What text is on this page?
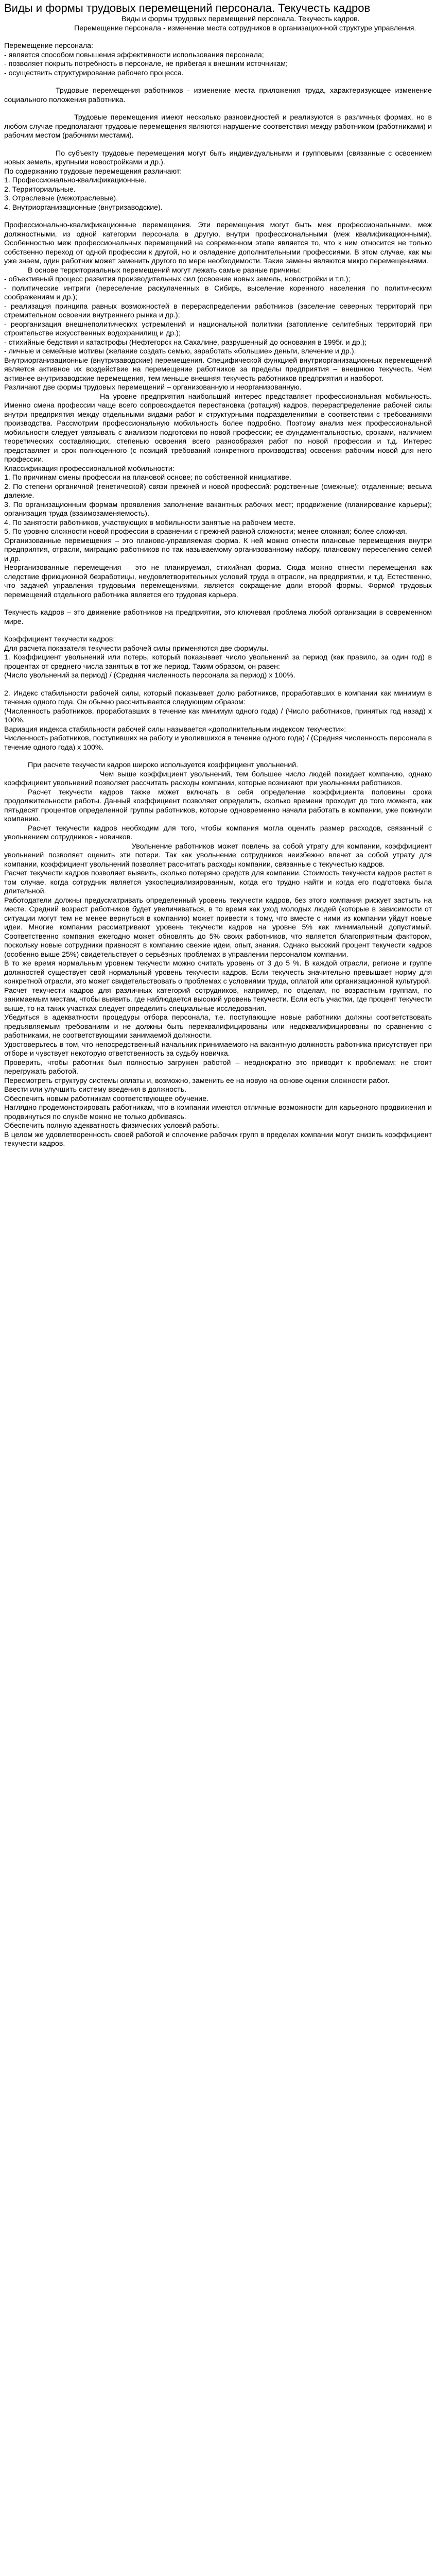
Виды и формы трудовых перемещений персонала. Текучесть кадров
Виды и формы трудовых перемещений персонала. Текучесть кадров.
Перемещение персонала - изменение места сотрудников в организационной структуре управления.
Перемещение персонала:
- является способом повышения эффективности использования персонала;
- позволяет покрыть потребность в персонале, не прибегая к внешним источникам;
- осуществить структурирование рабочего процесса.
Трудовые перемещения работников - изменение места приложения труда, характеризующее изменение социального положения работника.
Трудовые перемещения имеют несколько разновидностей и реализуются в различных формах, но в любом случае предполагают трудовые перемещения являются нарушение соответствия между работником (работниками) и рабочим местом (рабочими местами).
По субъекту трудовые перемещения могут быть индивидуальными и групповыми (связанные с освоением новых земель, крупными новостройками и др.).
По содержанию трудовые перемещения различают:
1. Профессионально-квалификационные.
2. Территориальные.
3. Отраслевые (межотраслевые).
4. Внутриорганизационные (внутризаводские).
Профессионально-квалификационные перемещения. Эти перемещения могут быть меж профессиональными, меж должностными, из одной категории персонала в другую, внутри профессиональными (меж квалификационными). Особенностью меж профессиональных перемещений на современном этапе является то, что к ним относится не только собственно переход от одной профессии к другой, но и овладение дополнительными профессиями. В этом случае, как мы уже знаем, один работник может заменить другого по мере необходимости. Такие замены являются микро перемещениями.
В основе территориальных перемещений могут лежать самые разные причины:
- объективный процесс развития производительных сил (освоение новых земель, новостройки и т.п.);
- политические интриги (переселение раскулаченных в Сибирь, выселение коренного населения по политическим соображениям и др.);
- реализация принципа равных возможностей в перераспределении работников (заселение северных территорий при стремительном освоении внутреннего рынка и др.);
- реорганизация внешнеполитических устремлений и национальной политики (затопление селитебных территорий при строительстве искусственных водохранилищ и др.);
- стихийные бедствия и катастрофы (Нефтегорск на Сахалине, разрушенный до основания в 1995г. и др.);
- личные и семейные мотивы (желание создать семью, заработать «большие» деньги, влечение и др.).
Внутриорганизационные (внутризаводские) перемещения. Специфической функцией внутриорганизационных перемещений является активное их воздействие на перемещение работников за пределы предприятия – внешнюю текучесть. Чем активнее внутризаводские перемещения, тем меньше внешняя текучесть работников предприятия и наоборот.
Различают две формы трудовых перемещений – организованную и неорганизованную.
На уровне предприятия наибольший интерес представляет профессиональная мобильность. Именно смена профессии чаще всего сопровождается перестановка (ротация) кадров, перераспределение рабочей силы внутри предприятия между отдельными видами работ и структурными подразделениями в соответствии с требованиями производства. Рассмотрим профессиональную мобильность более подробно. Поэтому анализ меж профессиональной мобильности следует увязывать с анализом подготовки по новой профессии; ее фундаментальностью, сроками, наличием теоретических составляющих, степенью освоения всего разнообразия работ по новой профессии и т.д. Интерес представляет и срок полноценного (с позиций требований конкретного производства) освоения рабочим новой для него профессии.
Классификация профессиональной мобильности:
1. По причинам смены профессии на плановой основе; по собственной инициативе.
2. По степени органичной (генетической) связи прежней и новой профессий: родственные (смежные); отдаленные; весьма далекие.
3. По организационным формам проявления заполнение вакантных рабочих мест; продвижение (планирование карьеры); организация труда (взаимозаменяемость).
4. По занятости работников, участвующих в мобильности занятые на рабочем месте.
5. По уровню сложности новой профессии в сравнении с прежней равной сложности; менее сложная; более сложная.
Организованные перемещения – это планово-управляемая форма. К ней можно отнести плановые перемещения внутри предприятия, отрасли, миграцию работников по так называемому организованному набору, плановому переселению семей и др.
Неорганизованные перемещения – это не планируемая, стихийная форма. Сюда можно отнести перемещения как следствие фрикционной безработицы, неудовлетворительных условий труда в отрасли, на предприятии, и т.д. Естественно, что задачей управления трудовыми перемещениями, является сокращение доли второй формы. Формой трудовых перемещений отдельного работника является его трудовая карьера.
Текучесть кадров – это движение работников на предприятии, это ключевая проблема любой организации в современном мире.
Коэффициент текучести кадров:
Для расчета показателя текучести рабочей силы применяются две формулы.
1. Коэффициент увольнений или потерь, который показывает число увольнений за период (как правило, за один год) в процентах от среднего числа занятых в тот же период. Таким образом, он равен:
(Число увольнений за период) / (Средняя численность персонала за период) х 100%.
2. Индекс стабильности рабочей силы, который показывает долю работников, проработавших в компании как минимум в течение одного года. Он обычно рассчитывается следующим образом:
(Численность работников, проработавших в течение как минимум одного года) / (Число работников, принятых год назад) х 100%.
Вариация индекса стабильности рабочей силы называется «дополнительным индексом текучести»:
Численность работников, поступивших на работу и уволившихся в течение одного года) / (Средняя численность персонала в течение одного года) х 100%.
При расчете текучести кадров широко используется коэффициент увольнений.
Чем выше коэффициент увольнений, тем большее число людей покидает компанию, однако коэффициент увольнений позволяет рассчитать расходы компании, которые возникают при увольнении работников.
Расчет текучести кадров также может включать в себя определение коэффициента половины срока продолжительности работы. Данный коэффициент позволяет определить, сколько времени проходит до того момента, как пятьдесят процентов определенной группы работников, которые одновременно начали работать в компании, уже покинули компанию.
Расчет текучести кадров необходим для того, чтобы компания могла оценить размер расходов, связанный с увольнением сотрудников - новичков.
Увольнение работников может повлечь за собой утрату для компании, коэффициент увольнений позволяет оценить эти потери. Так как увольнение сотрудников неизбежно влечет за собой утрату для компании, коэффициент увольнений позволяет рассчитать расходы компании, связанные с текучестью кадров.
Расчет текучести кадров позволяет выявить, сколько потеряно средств для компании. Стоимость текучести кадров растет в том случае, когда сотрудник является узкоспециализированным, когда его трудно найти и когда его подготовка была длительной.
Работодатели должны предусматривать определенный уровень текучести кадров, без этого компания рискует застыть на месте. Средний возраст работников будет увеличиваться, в то время как уход молодых людей (которые в зависимости от ситуации могут тем не менее вернуться в компанию) может привести к тому, что вместе с ними из компании уйдут новые идеи. Многие компании рассматривают уровень текучести кадров на уровне 5% как минимальный допустимый. Соответственно компания ежегодно может обновлять до 5% своих работников, что является благоприятным фактором, поскольку новые сотрудники привносят в компанию свежие идеи, опыт, знания. Однако высокий процент текучести кадров (особенно выше 25%) свидетельствует о серьёзных проблемах в управлении персоналом компании.
В то же время нормальным уровнем текучести можно считать уровень от 3 до 5 %. В каждой отрасли, регионе и группе должностей существует свой нормальный уровень текучести кадров. Если текучесть значительно превышает норму для конкретной отрасли, это может свидетельствовать о проблемах с условиями труда, оплатой или организационной культурой.
Расчет текучести кадров для различных категорий сотрудников, например, по отделам, по возрастным группам, по занимаемым местам, чтобы выявить, где наблюдается высокий уровень текучести. Если есть участки, где процент текучести выше, то на таких участках следует определить специальные исследования.
Убедиться в адекватности процедуры отбора персонала, т.е. поступающие новые работники должны соответствовать предъявляемым требованиям и не должны быть переквалифицированы или недоквалифицированы по сравнению с работниками, не соответствующими занимаемой должности.
Удостоверьтесь в том, что непосредственный начальник принимаемого на вакантную должность работника присутствует при отборе и чувствует некоторую ответственность за судьбу новичка.
Проверить, чтобы работник был полностью загружен работой – неоднократно это приводит к проблемам; не стоит перегружать работой.
Пересмотреть структуру системы оплаты и, возможно, заменить ее на новую на основе оценки сложности работ.
Ввести или улучшить систему введения в должность.
Обеспечить новым работникам соответствующее обучение.
Наглядно продемонстрировать работникам, что в компании имеются отличные возможности для карьерного продвижения и продвинуться по службе можно не только добиваясь.
Обеспечить полную адекватность физических условий работы.
В целом же удовлетворенность своей работой и сплочение рабочих групп в пределах компании могут снизить коэффициент текучести кадров.
